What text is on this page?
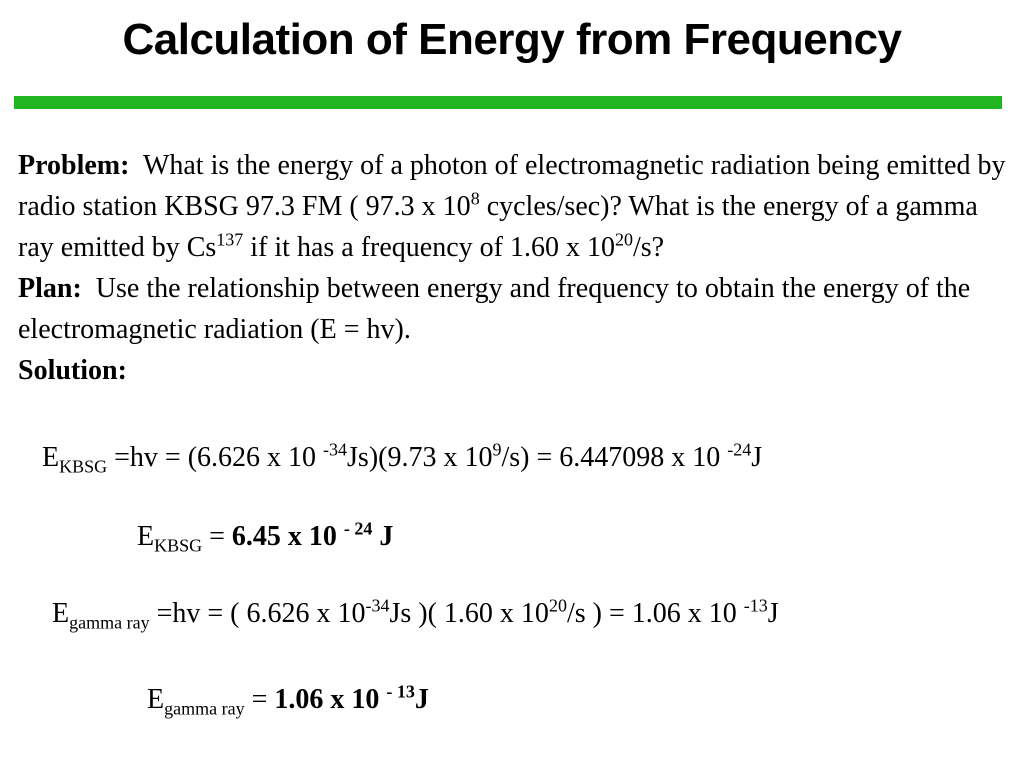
Calculation of Energy from Frequency

Problem: What is the energy of a photon of electromagnetic radiation being emitted by radio station KBSG 97.3 FM ( 97.3 x $10^8$ cycles/sec)? What is the energy of a gamma ray emitted by Cs$^{137}$ if it has a frequency of 1.60 x $10^{20}/s$?

Plan: Use the relationship between energy and frequency to obtain the energy of the electromagnetic radiation (E = hv).

Solution:

$E_{KBSG} =hv = (6.626$ x 10 $^{-34}$Js)(9.73 x $10^9/s) = 6.447098$ x 10 $^{-24}$J
$E_{KBSG} = 6.45$ x 10 $^{- 24}$ J
$E_{gamma ray} =hv$ = ( 6.626 x $10^{-34}Js$ )( 1.60 x $10^{20}/s$ ) = 1.06 x 10 $^{-13}$J
$E_{gamma ray} = 1.06$ x 10 $^{- 13}$J
